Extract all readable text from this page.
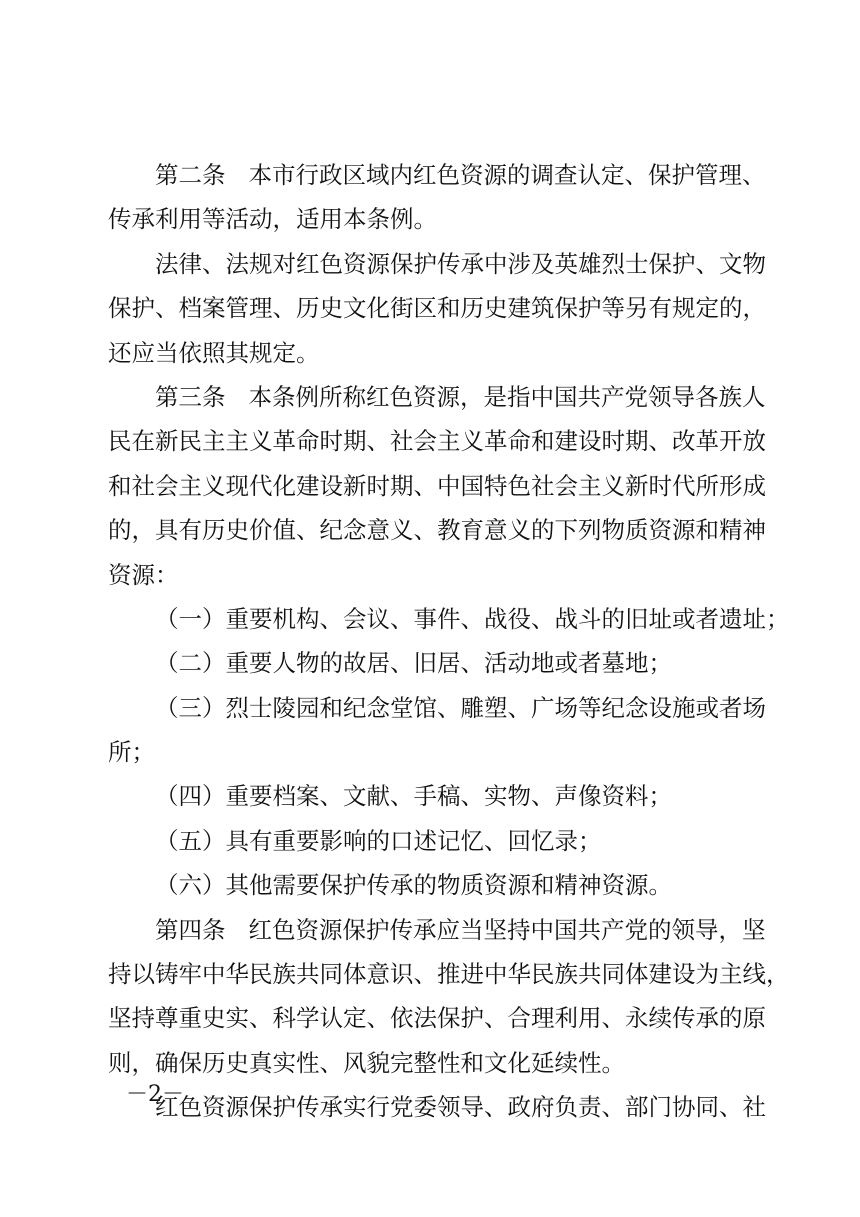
第二条 本市行政区域内红色资源的调查认定、保护管理、
传承利用等活动，适用本条例。
法律、法规对红色资源保护传承中涉及英雄烈士保护、文物
保护、档案管理、历史文化街区和历史建筑保护等另有规定的，
还应当依照其规定。
第三条 本条例所称红色资源，是指中国共产党领导各族人
民在新民主主义革命时期、社会主义革命和建设时期、改革开放
和社会主义现代化建设新时期、中国特色社会主义新时代所形成
的，具有历史价值、纪念意义、教育意义的下列物质资源和精神
资源：
（一）重要机构、会议、事件、战役、战斗的旧址或者遗址；
（二）重要人物的故居、旧居、活动地或者墓地；
（三）烈士陵园和纪念堂馆、雕塑、广场等纪念设施或者场
所；
（四）重要档案、文献、手稿、实物、声像资料；
（五）具有重要影响的口述记忆、回忆录；
（六）其他需要保护传承的物质资源和精神资源。
第四条 红色资源保护传承应当坚持中国共产党的领导，坚
持以铸牢中华民族共同体意识、推进中华民族共同体建设为主线，
坚持尊重史实、科学认定、依法保护、合理利用、永续传承的原
则，确保历史真实性、风貌完整性和文化延续性。
红色资源保护传承实行党委领导、政府负责、部门协同、社
－2－
